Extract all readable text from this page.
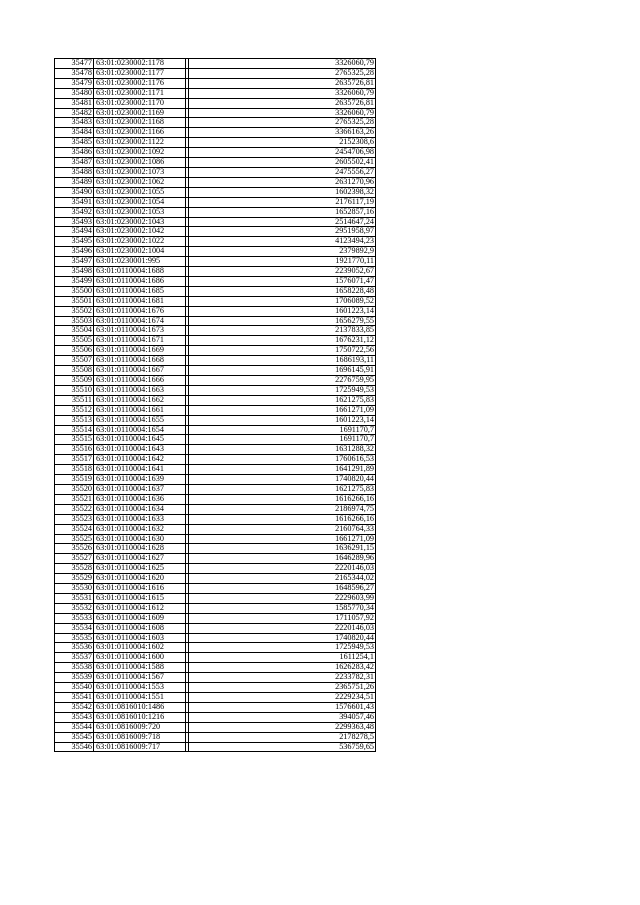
35477	63:01:0230002:1178		3326060,79
35478	63:01:0230002:1177		2765325,28
35479	63:01:0230002:1176		2635726,81
35480	63:01:0230002:1171		3326060,79
35481	63:01:0230002:1170		2635726,81
35482	63:01:0230002:1169		3326060,79
35483	63:01:0230002:1168		2765325,28
35484	63:01:0230002:1166		3366163,26
35485	63:01:0230002:1122		2152308,6
35486	63:01:0230002:1092		2454706,98
35487	63:01:0230002:1086		2605502,41
35488	63:01:0230002:1073		2475556,27
35489	63:01:0230002:1062		2631270,96
35490	63:01:0230002:1055		1602398,32
35491	63:01:0230002:1054		2176117,19
35492	63:01:0230002:1053		1652857,16
35493	63:01:0230002:1043		2514647,24
35494	63:01:0230002:1042		2951958,97
35495	63:01:0230002:1022		4123494,23
35496	63:01:0230002:1004		2379892,9
35497	63:01:0230001:995		1921770,11
35498	63:01:0110004:1688		2239052,67
35499	63:01:0110004:1686		1576071,47
35500	63:01:0110004:1685		1658228,48
35501	63:01:0110004:1681		1706089,52
35502	63:01:0110004:1676		1601223,14
35503	63:01:0110004:1674		1656279,55
35504	63:01:0110004:1673		2137833,85
35505	63:01:0110004:1671		1676231,12
35506	63:01:0110004:1669		1750722,56
35507	63:01:0110004:1668		1686193,11
35508	63:01:0110004:1667		1696145,91
35509	63:01:0110004:1666		2276759,95
35510	63:01:0110004:1663		1725949,53
35511	63:01:0110004:1662		1621275,83
35512	63:01:0110004:1661		1661271,09
35513	63:01:0110004:1655		1601223,14
35514	63:01:0110004:1654		1691170,7
35515	63:01:0110004:1645		1691170,7
35516	63:01:0110004:1643		1631288,32
35517	63:01:0110004:1642		1760616,53
35518	63:01:0110004:1641		1641291,89
35519	63:01:0110004:1639		1740820,44
35520	63:01:0110004:1637		1621275,83
35521	63:01:0110004:1636		1616266,16
35522	63:01:0110004:1634		2186974,75
35523	63:01:0110004:1633		1616266,16
35524	63:01:0110004:1632		2160764,33
35525	63:01:0110004:1630		1661271,09
35526	63:01:0110004:1628		1636291,15
35527	63:01:0110004:1627		1646289,96
35528	63:01:0110004:1625		2220146,03
35529	63:01:0110004:1620		2165344,02
35530	63:01:0110004:1616		1648596,27
35531	63:01:0110004:1615		2229603,99
35532	63:01:0110004:1612		1585770,34
35533	63:01:0110004:1609		1711057,92
35534	63:01:0110004:1608		2220146,03
35535	63:01:0110004:1603		1740820,44
35536	63:01:0110004:1602		1725949,53
35537	63:01:0110004:1600		1611254,1
35538	63:01:0110004:1588		1626283,42
35539	63:01:0110004:1567		2233782,31
35540	63:01:0110004:1553		2365751,26
35541	63:01:0110004:1551		2229234,51
35542	63:01:0816010:1486		1576601,43
35543	63:01:0816010:1216		394057,46
35544	63:01:0816009:720		2299363,48
35545	63:01:0816009:718		2178278,5
35546	63:01:0816009:717		536759,65
